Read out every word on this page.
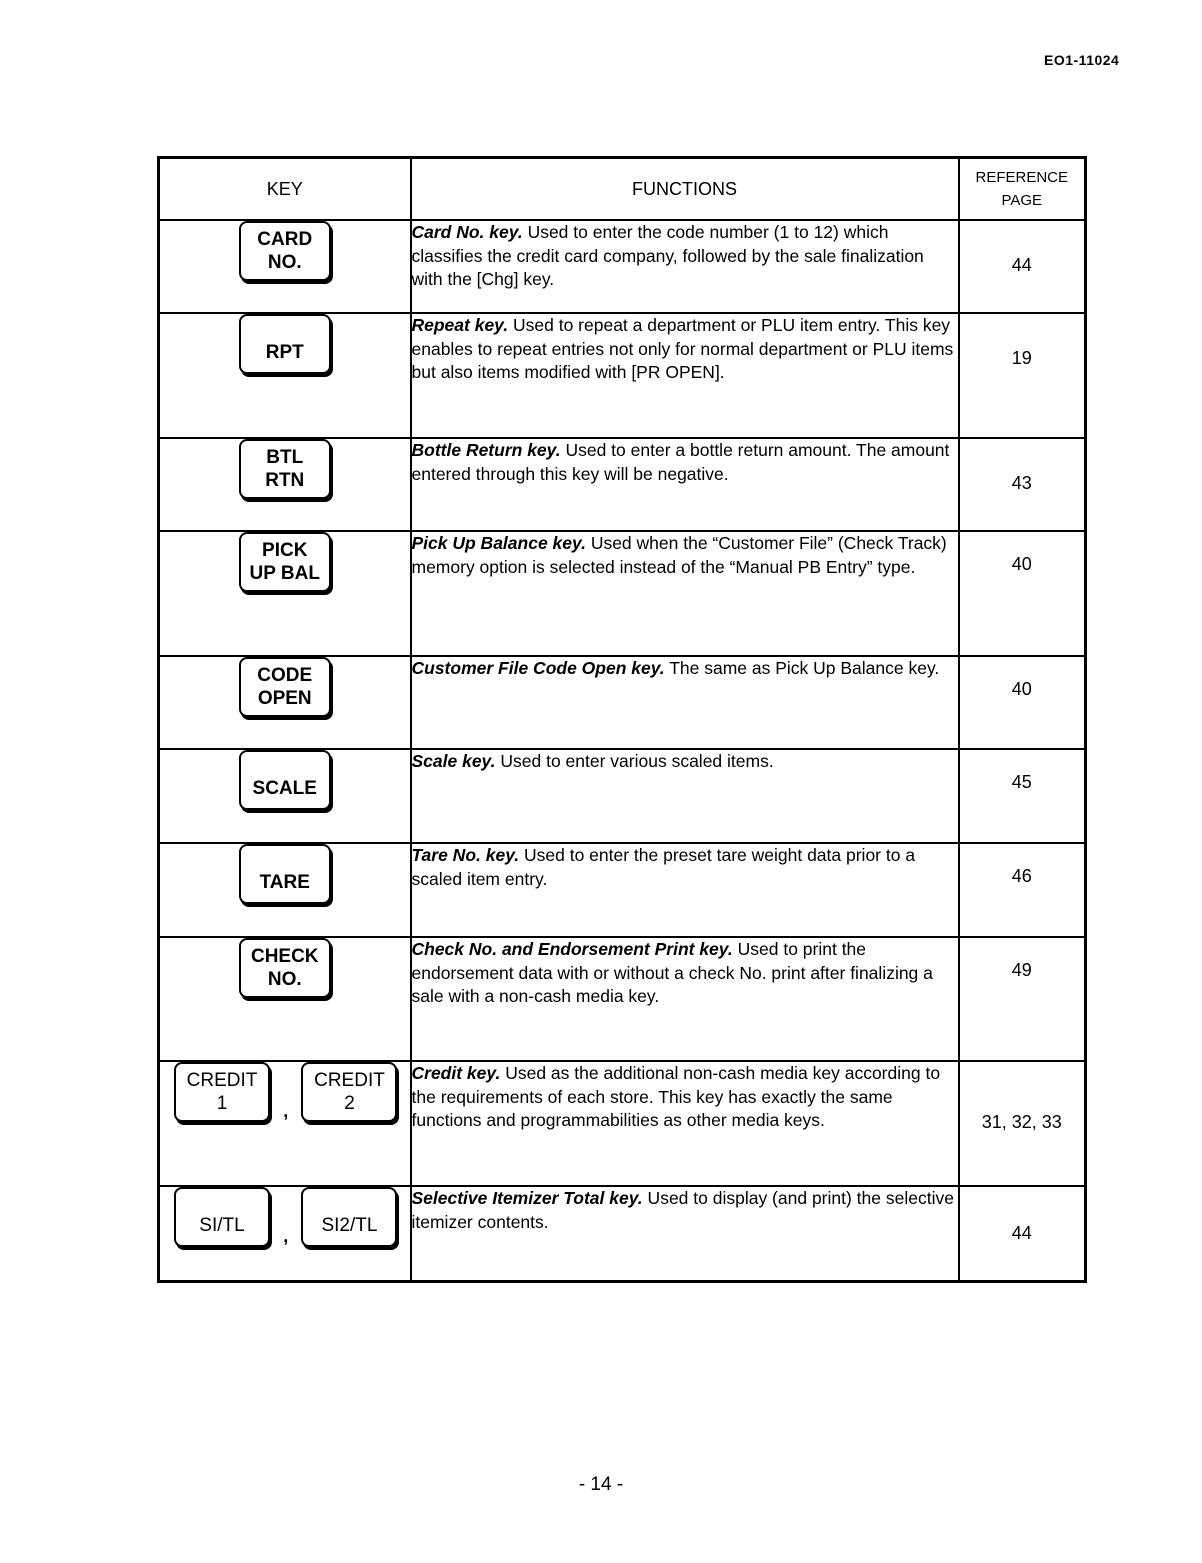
EO1-11024
KEY	FUNCTIONS	REFERENCE
PAGE

CARD
NO.	Card No. key. Used to enter the code number (1 to 12) which classifies the credit card company, followed by the sale finalization with the [Chg] key.	44

RPT	Repeat key. Used to repeat a department or PLU item entry. This key enables to repeat entries not only for normal department or PLU items but also items modified with [PR OPEN].	19

BTL
RTN	Bottle Return key. Used to enter a bottle return amount. The amount entered through this key will be negative.	43

PICK
UP BAL	Pick Up Balance key. Used when the “Customer File” (Check Track) memory option is selected instead of the “Manual PB Entry” type.	40

CODE
OPEN	Customer File Code Open key. The same as Pick Up Balance key.	40

SCALE	Scale key. Used to enter various scaled items.	45

TARE	Tare No. key. Used to enter the preset tare weight data prior to a scaled item entry.	46

CHECK
NO.	Check No. and Endorsement Print key. Used to print the endorsement data with or without a check No. print after finalizing a sale with a non-cash media key.	49

CREDIT
1 ,
CREDIT
2	Credit key. Used as the additional non-cash media key according to the requirements of each store. This key has exactly the same functions and programmabilities as other media keys.	31, 32, 33

SI/TL , SI2/TL	Selective Itemizer Total key. Used to display (and print) the selective itemizer contents.	44
- 14 -
